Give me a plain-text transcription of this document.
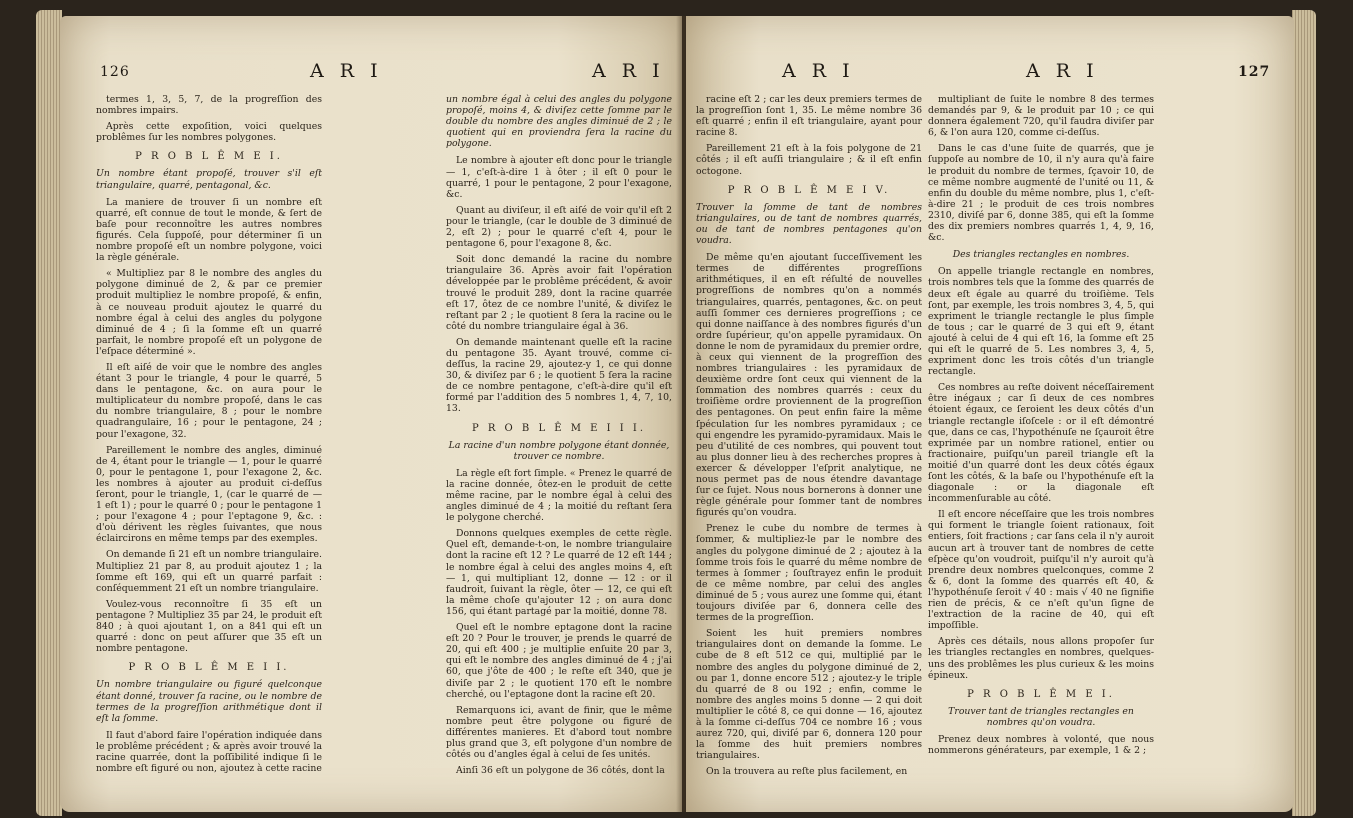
126	A R I	A R I

termes 1, 3, 5, 7, de la progreſſion des nombres impairs.

Après cette expoſition, voici quelques problêmes ſur les nombres polygones.

P R O B L Ê M E I.

Un nombre étant propoſé, trouver s'il eſt triangulaire, quarré, pentagonal, &c.

La maniere de trouver ſi un nombre eſt quarré, eſt connue de tout le monde, & ſert de baſe pour reconnoître les autres nombres figurés. Cela ſuppoſé, pour déterminer ſi un nombre propoſé eſt un nombre polygone, voici la règle générale.

« Multipliez par 8 le nombre des angles du polygone diminué de 2, & par ce premier produit multipliez le nombre propoſé, & enfin, à ce nouveau produit ajoutez le quarré du nombre égal à celui des angles du polygone diminué de 4 ; ſi la ſomme eſt un quarré parfait, le nombre propoſé eſt un polygone de l'eſpace déterminé ».

Il eſt aiſé de voir que le nombre des angles étant 3 pour le triangle, 4 pour le quarré, 5 dans le pentagone, &c. on aura pour le multiplicateur du nombre propoſé, dans le cas du nombre triangulaire, 8 ; pour le nombre quadrangulaire, 16 ; pour le pentagone, 24 ; pour l'exagone, 32.

Pareillement le nombre des angles, diminué de 4, étant pour le triangle — 1, pour le quarré 0, pour le pentagone 1, pour l'exagone 2, &c. les nombres à ajouter au produit ci-deſſus ſeront, pour le triangle, 1, (car le quarré de — 1 eſt 1) ; pour le quarré 0 ; pour le pentagone 1 ; pour l'exagone 4 ; pour l'eptagone 9, &c. : d'où dérivent les règles ſuivantes, que nous éclaircirons en même temps par des exemples.

On demande ſi 21 eſt un nombre triangulaire. Multipliez 21 par 8, au produit ajoutez 1 ; la ſomme eſt 169, qui eſt un quarré parfait : conſéquemment 21 eſt un nombre triangulaire.

Voulez-vous reconnoître ſi 35 eſt un pentagone ? Multipliez 35 par 24, le produit eſt 840 ; à quoi ajoutant 1, on a 841 qui eſt un quarré : donc on peut aſſurer que 35 eſt un nombre pentagone.

P R O B L Ê M E I I.

Un nombre triangulaire ou figuré quelconque étant donné, trouver ſa racine, ou le nombre de termes de la progreſſion arithmétique dont il eſt la ſomme.

Il faut d'abord faire l'opération indiquée dans le problême précédent ; & après avoir trouvé la racine quarrée, dont la poſſibilité indique ſi le nombre eſt figuré ou non, ajoutez à cette racine

un nombre égal à celui des angles du polygone propoſé, moins 4, & diviſez cette ſomme par le double du nombre des angles diminué de 2 ; le quotient qui en proviendra ſera la racine du polygone.

Le nombre à ajouter eſt donc pour le triangle — 1, c'eſt-à-dire 1 à ôter ; il eſt 0 pour le quarré, 1 pour le pentagone, 2 pour l'exagone, &c.

Quant au diviſeur, il eſt aiſé de voir qu'il eſt 2 pour le triangle, (car le double de 3 diminué de 2, eſt 2) ; pour le quarré c'eſt 4, pour le pentagone 6, pour l'exagone 8, &c.

Soit donc demandé la racine du nombre triangulaire 36. Après avoir fait l'opération développée par le problême précédent, & avoir trouvé le produit 289, dont la racine quarrée eſt 17, ôtez de ce nombre l'unité, & diviſez le reſtant par 2 ; le quotient 8 ſera la racine ou le côté du nombre triangulaire égal à 36.

On demande maintenant quelle eſt la racine du pentagone 35. Ayant trouvé, comme ci-deſſus, la racine 29, ajoutez-y 1, ce qui donne 30, & diviſez par 6 ; le quotient 5 ſera la racine de ce nombre pentagone, c'eſt-à-dire qu'il eſt formé par l'addition des 5 nombres 1, 4, 7, 10, 13.

P R O B L Ê M E I I I.

La racine d'un nombre polygone étant donnée, trouver ce nombre.

La règle eſt fort ſimple. « Prenez le quarré de la racine donnée, ôtez-en le produit de cette même racine, par le nombre égal à celui des angles diminué de 4 ; la moitié du reſtant ſera le polygone cherché.

Donnons quelques exemples de cette règle. Quel eſt, demande-t-on, le nombre triangulaire dont la racine eſt 12 ? Le quarré de 12 eſt 144 ; le nombre égal à celui des angles moins 4, eſt — 1, qui multipliant 12, donne — 12 : or il faudroit, ſuivant la règle, ôter — 12, ce qui eſt la même choſe qu'ajouter 12 ; on aura donc 156, qui étant partagé par la moitié, donne 78.

Quel eſt le nombre eptagone dont la racine eſt 20 ? Pour le trouver, je prends le quarré de 20, qui eſt 400 ; je multiplie enſuite 20 par 3, qui eſt le nombre des angles diminué de 4 ; j'ai 60, que j'ôte de 400 ; le reſte eſt 340, que je diviſe par 2 ; le quotient 170 eſt le nombre cherché, ou l'eptagone dont la racine eſt 20.

Remarquons ici, avant de finir, que le même nombre peut être polygone ou figuré de différentes manieres. Et d'abord tout nombre plus grand que 3, eſt polygone d'un nombre de côtés ou d'angles égal à celui de ſes unités.

Ainſi 36 eſt un polygone de 36 côtés, dont la

A R I	A R I	127

racine eſt 2 ; car les deux premiers termes de la progreſſion ſont 1, 35. Le même nombre 36 eſt quarré ; enfin il eſt triangulaire, ayant pour racine 8.

Pareillement 21 eſt à la fois polygone de 21 côtés ; il eſt auſſi triangulaire ; & il eſt enfin octogone.

P R O B L Ê M E I V.

Trouver la ſomme de tant de nombres triangulaires, ou de tant de nombres quarrés, ou de tant de nombres pentagones qu'on voudra.

De même qu'en ajoutant ſucceſſivement les termes de différentes progreſſions arithmétiques, il en eſt réſulté de nouvelles progreſſions de nombres qu'on a nommés triangulaires, quarrés, pentagones, &c. on peut auſſi ſommer ces dernieres progreſſions ; ce qui donne naiſſance à des nombres figurés d'un ordre ſupérieur, qu'on appelle pyramidaux. On donne le nom de pyramidaux du premier ordre, à ceux qui viennent de la progreſſion des nombres triangulaires : les pyramidaux de deuxième ordre ſont ceux qui viennent de la ſommation des nombres quarrés : ceux du troiſième ordre proviennent de la progreſſion des pentagones. On peut enfin faire la même ſpéculation ſur les nombres pyramidaux ; ce qui engendre les pyramido-pyramidaux. Mais le peu d'utilité de ces nombres, qui pouvent tout au plus donner lieu à des recherches propres à exercer & développer l'eſprit analytique, ne nous permet pas de nous étendre davantage ſur ce ſujet. Nous nous bornerons à donner une règle générale pour ſommer tant de nombres figurés qu'on voudra.

Prenez le cube du nombre de termes à ſommer, & multipliez-le par le nombre des angles du polygone diminué de 2 ; ajoutez à la ſomme trois fois le quarré du même nombre de termes à ſommer ; ſouſtrayez enfin le produit de ce même nombre, par celui des angles diminué de 5 ; vous aurez une ſomme qui, étant toujours diviſée par 6, donnera celle des termes de la progreſſion.

Soient les huit premiers nombres triangulaires dont on demande la ſomme. Le cube de 8 eſt 512 ce qui, multiplié par le nombre des angles du polygone diminué de 2, ou par 1, donne encore 512 ; ajoutez-y le triple du quarré de 8 ou 192 ; enfin, comme le nombre des angles moins 5 donne — 2 qui doit multiplier le côté 8, ce qui donne — 16, ajoutez à la ſomme ci-deſſus 704 ce nombre 16 ; vous aurez 720, qui, diviſé par 6, donnera 120 pour la ſomme des huit premiers nombres triangulaires.

On la trouvera au reſte plus facilement, en

multipliant de ſuite le nombre 8 des termes demandés par 9, & le produit par 10 ; ce qui donnera également 720, qu'il faudra diviſer par 6, & l'on aura 120, comme ci-deſſus.

Dans le cas d'une ſuite de quarrés, que je ſuppoſe au nombre de 10, il n'y aura qu'à faire le produit du nombre de termes, ſçavoir 10, de ce même nombre augmenté de l'unité ou 11, & enfin du double du même nombre, plus 1, c'eſt-à-dire 21 ; le produit de ces trois nombres 2310, diviſé par 6, donne 385, qui eſt la ſomme des dix premiers nombres quarrés 1, 4, 9, 16, &c.

Des triangles rectangles en nombres.

On appelle triangle rectangle en nombres, trois nombres tels que la ſomme des quarrés de deux eſt égale au quarré du troiſième. Tels ſont, par exemple, les trois nombres 3, 4, 5, qui expriment le triangle rectangle le plus ſimple de tous ; car le quarré de 3 qui eſt 9, étant ajouté à celui de 4 qui eſt 16, la ſomme eſt 25 qui eſt le quarré de 5. Les nombres 3, 4, 5, expriment donc les trois côtés d'un triangle rectangle.

Ces nombres au reſte doivent néceſſairement être inégaux ; car ſi deux de ces nombres étoient égaux, ce ſeroient les deux côtés d'un triangle rectangle iſoſcele : or il eſt démontré que, dans ce cas, l'hypothénuſe ne ſçauroit être exprimée par un nombre rationel, entier ou fractionaire, puiſqu'un pareil triangle eſt la moitié d'un quarré dont les deux côtés égaux ſont les côtés, & la baſe ou l'hypothénuſe eſt la diagonale : or la diagonale eſt incommenſurable au côté.

Il eſt encore néceſſaire que les trois nombres qui forment le triangle ſoient rationaux, ſoit entiers, ſoit fractions ; car ſans cela il n'y auroit aucun art à trouver tant de nombres de cette eſpèce qu'on voudroit, puiſqu'il n'y auroit qu'à prendre deux nombres quelconques, comme 2 & 6, dont la ſomme des quarrés eſt 40, & l'hypothénuſe ſeroit √ 40 : mais √ 40 ne ſignifie rien de précis, & ce n'eſt qu'un ſigne de l'extraction de la racine de 40, qui eſt impoſſible.

Après ces détails, nous allons propoſer ſur les triangles rectangles en nombres, quelques-uns des problêmes les plus curieux & les moins épineux.

P R O B L Ê M E I.

Trouver tant de triangles rectangles en nombres qu'on voudra.

Prenez deux nombres à volonté, que nous nommerons générateurs, par exemple, 1 & 2 ;
